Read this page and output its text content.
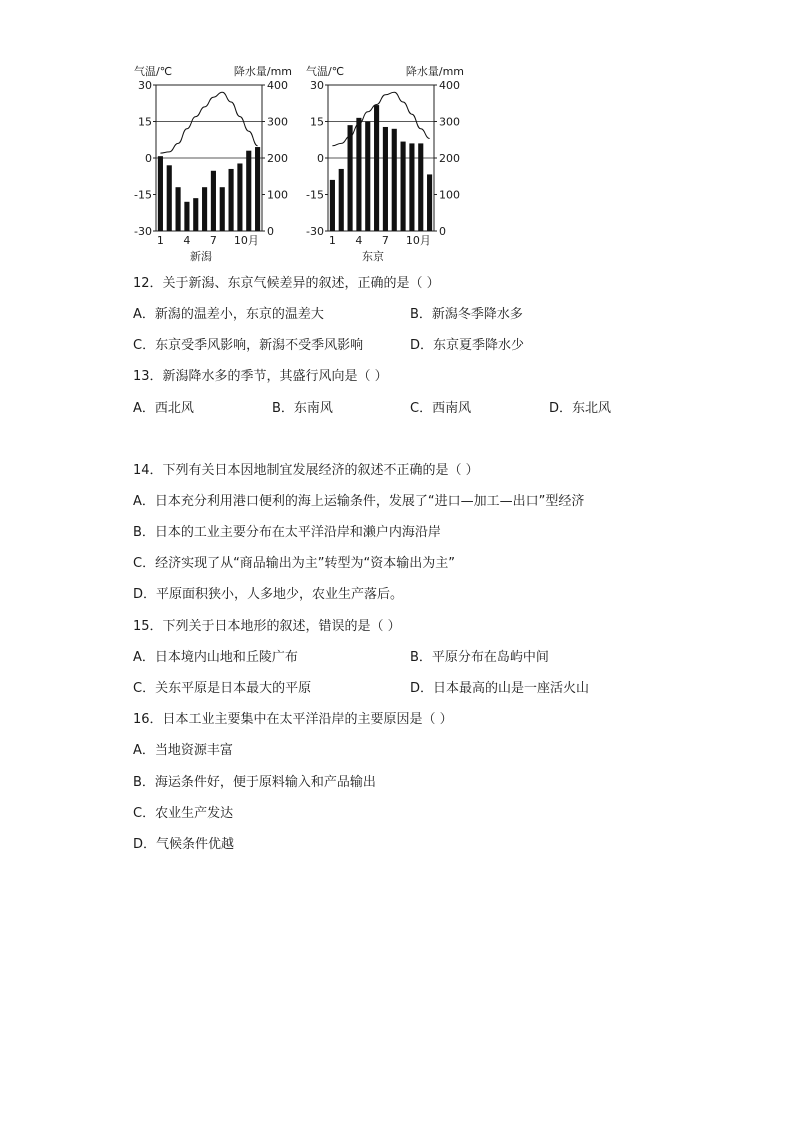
气温/℃	降水量/mm
30
15
0
-15
-30
400
300
200
100
0
1 4 7 10月
新潟
气温/℃	降水量/mm
30
15
0
-15
-30
400
300
200
100
0
1 4 7 10月
东京
12．关于新潟、东京气候差异的叙述，正确的是（ ）
A．新潟的温差小，东京的温差大	B．新潟冬季降水多
C．东京受季风影响，新潟不受季风影响	D．东京夏季降水少
13．新潟降水多的季节，其盛行风向是（ ）
A．西北风	B．东南风	C．西南风	D．东北风
14．下列有关日本因地制宜发展经济的叙述不正确的是（ ）
A．日本充分利用港口便利的海上运输条件，发展了“进口—加工—出口”型经济
B．日本的工业主要分布在太平洋沿岸和濑户内海沿岸
C．经济实现了从“商品输出为主”转型为“资本输出为主”
D．平原面积狭小，人多地少，农业生产落后。
15．下列关于日本地形的叙述，错误的是（ ）
A．日本境内山地和丘陵广布	B．平原分布在岛屿中间
C．关东平原是日本最大的平原	D．日本最高的山是一座活火山
16．日本工业主要集中在太平洋沿岸的主要原因是（ ）
A．当地资源丰富
B．海运条件好，便于原料输入和产品输出
C．农业生产发达
D．气候条件优越
